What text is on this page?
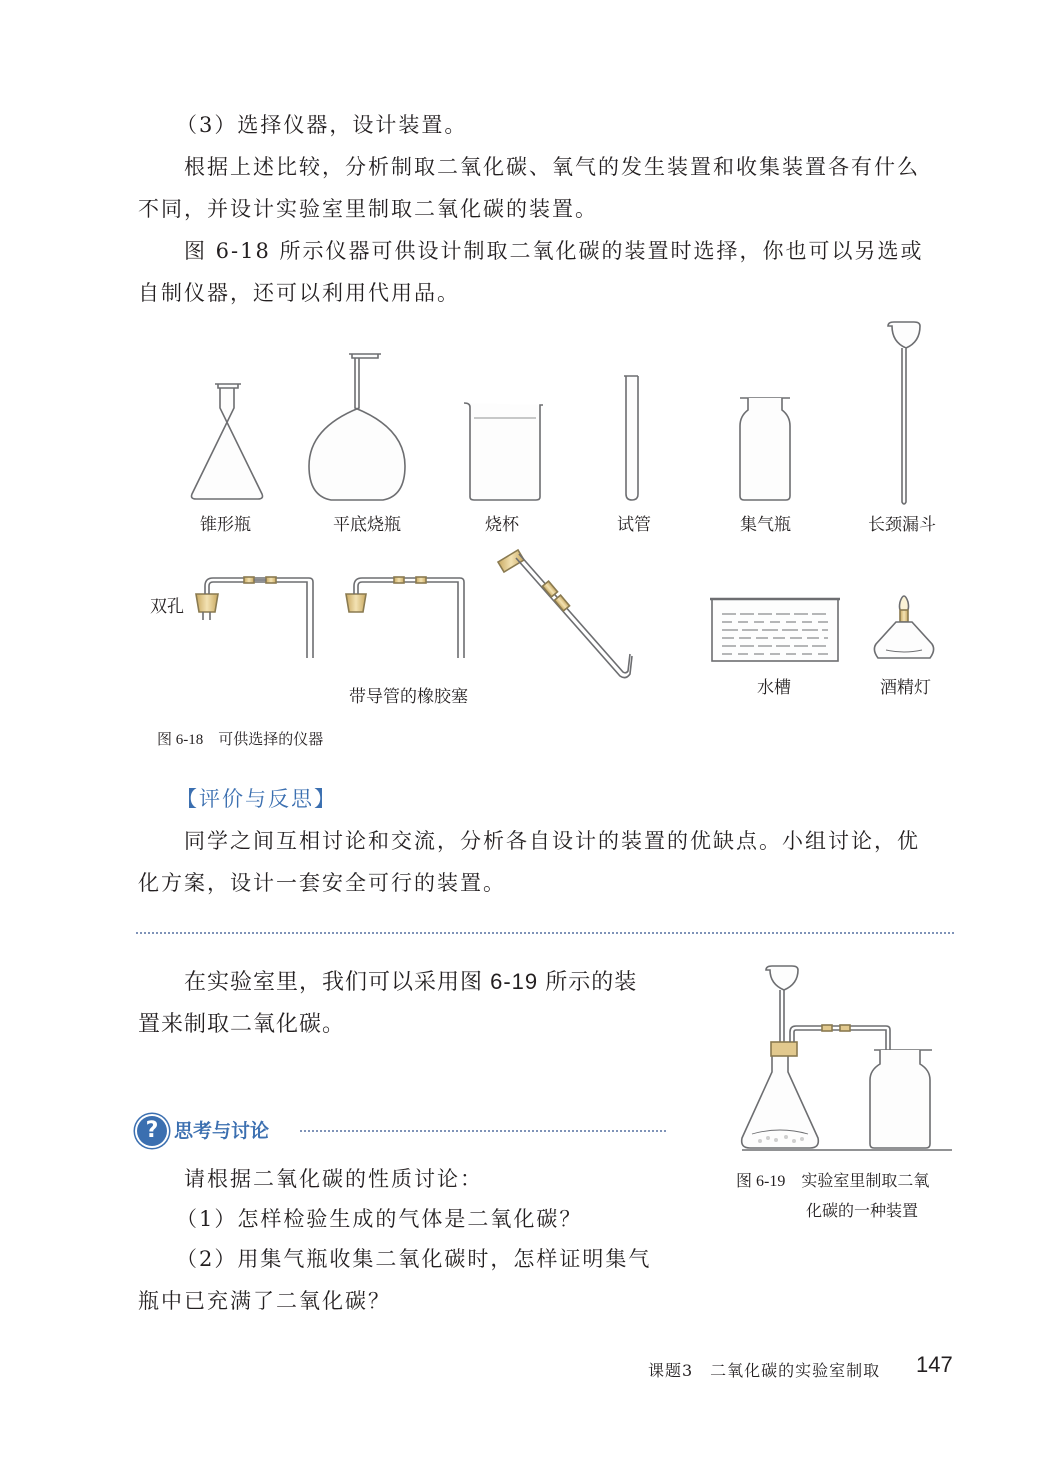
（3）选择仪器，设计装置。
根据上述比较，分析制取二氧化碳、氧气的发生装置和收集装置各有什么
不同，并设计实验室里制取二氧化碳的装置。
图 6-18 所示仪器可供设计制取二氧化碳的装置时选择，你也可以另选或
自制仪器，还可以利用代用品。
锥形瓶	平底烧瓶	烧杯	试管	集气瓶	长颈漏斗
双孔
带导管的橡胶塞	水槽	酒精灯
图 6-18　可供选择的仪器
【评价与反思】
同学之间互相讨论和交流，分析各自设计的装置的优缺点。小组讨论，优
化方案，设计一套安全可行的装置。
在实验室里，我们可以采用图 6-19 所示的装
置来制取二氧化碳。
? 思考与讨论
请根据二氧化碳的性质讨论：
（1）怎样检验生成的气体是二氧化碳？
（2）用集气瓶收集二氧化碳时，怎样证明集气
瓶中已充满了二氧化碳？
图 6-19　实验室里制取二氧
化碳的一种装置
课题3　二氧化碳的实验室制取 147
